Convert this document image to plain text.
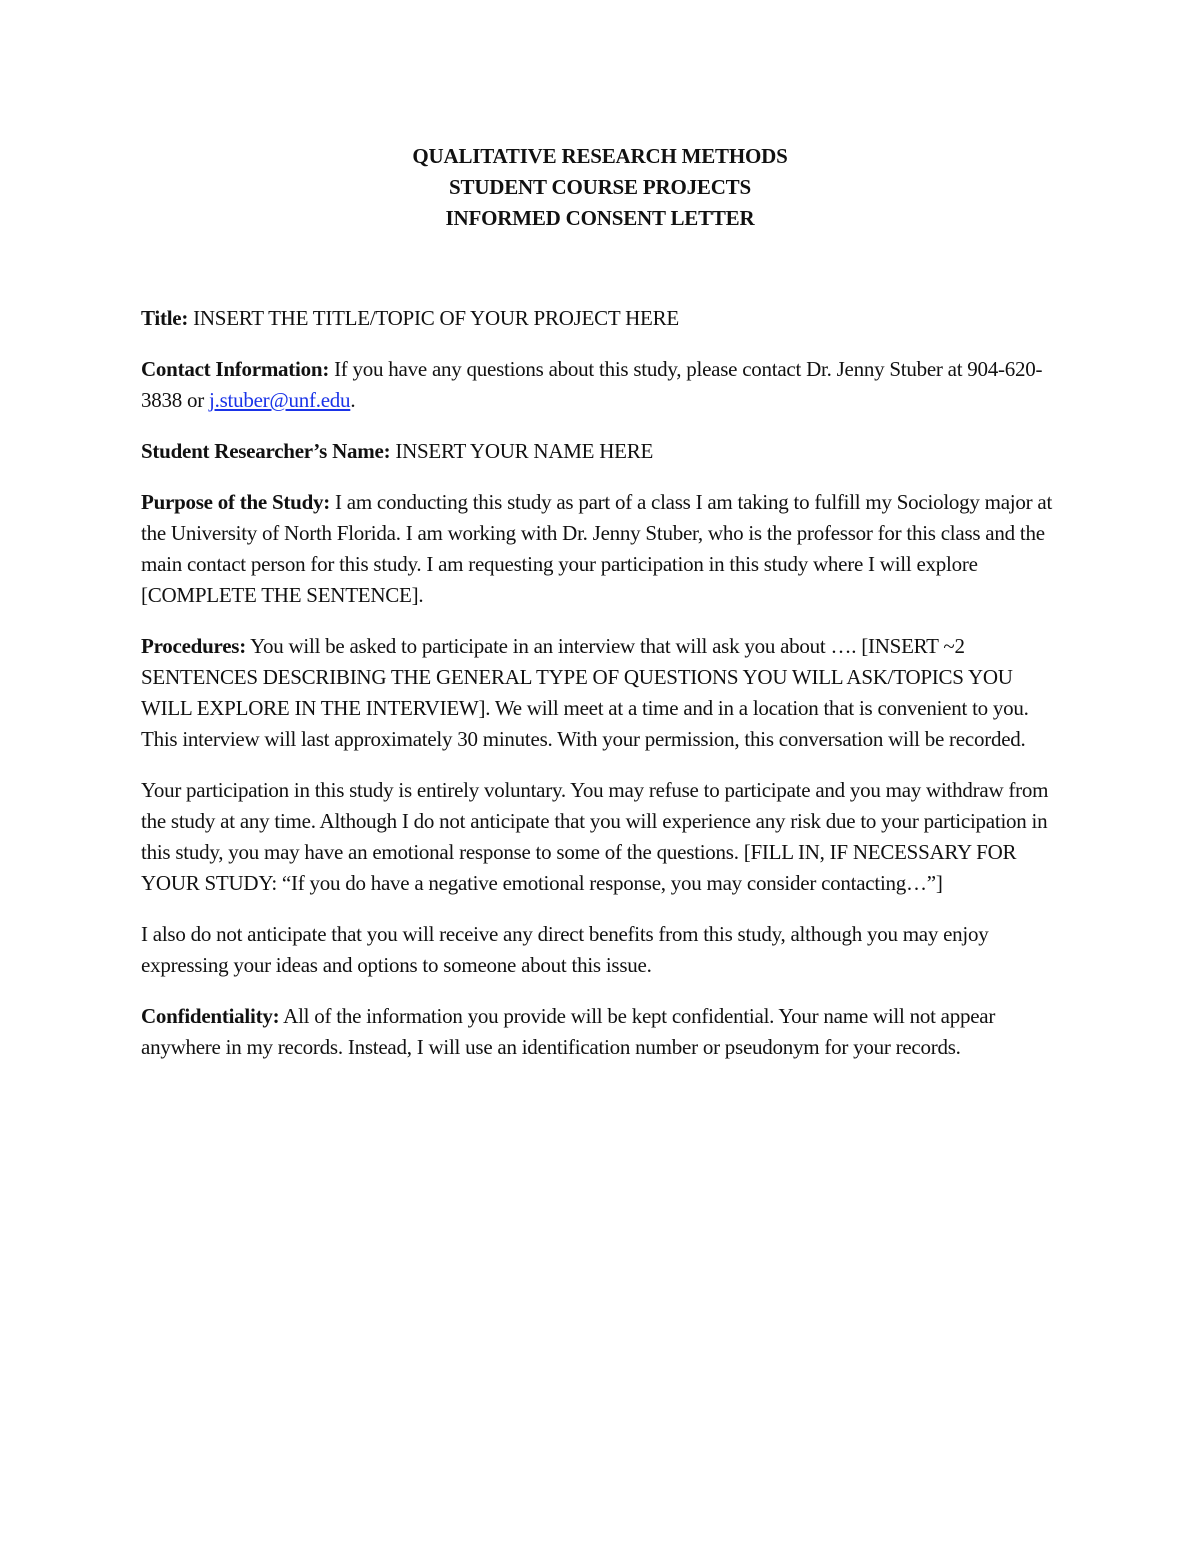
QUALITATIVE RESEARCH METHODS
STUDENT COURSE PROJECTS
INFORMED CONSENT LETTER

Title: INSERT THE TITLE/TOPIC OF YOUR PROJECT HERE

Contact Information: If you have any questions about this study, please contact Dr. Jenny Stuber at 904-620-3838 or j.stuber@unf.edu.

Student Researcher’s Name: INSERT YOUR NAME HERE

Purpose of the Study: I am conducting this study as part of a class I am taking to fulfill my Sociology major at the University of North Florida. I am working with Dr. Jenny Stuber, who is the professor for this class and the main contact person for this study. I am requesting your participation in this study where I will explore [COMPLETE THE SENTENCE].

Procedures: You will be asked to participate in an interview that will ask you about …. [INSERT ~2 SENTENCES DESCRIBING THE GENERAL TYPE OF QUESTIONS YOU WILL ASK/TOPICS YOU WILL EXPLORE IN THE INTERVIEW]. We will meet at a time and in a location that is convenient to you. This interview will last approximately 30 minutes. With your permission, this conversation will be recorded.

Your participation in this study is entirely voluntary. You may refuse to participate and you may withdraw from the study at any time. Although I do not anticipate that you will experience any risk due to your participation in this study, you may have an emotional response to some of the questions. [FILL IN, IF NECESSARY FOR YOUR STUDY: “If you do have a negative emotional response, you may consider contacting…”]

I also do not anticipate that you will receive any direct benefits from this study, although you may enjoy expressing your ideas and options to someone about this issue.

Confidentiality: All of the information you provide will be kept confidential. Your name will not appear anywhere in my records. Instead, I will use an identification number or pseudonym for your records.
